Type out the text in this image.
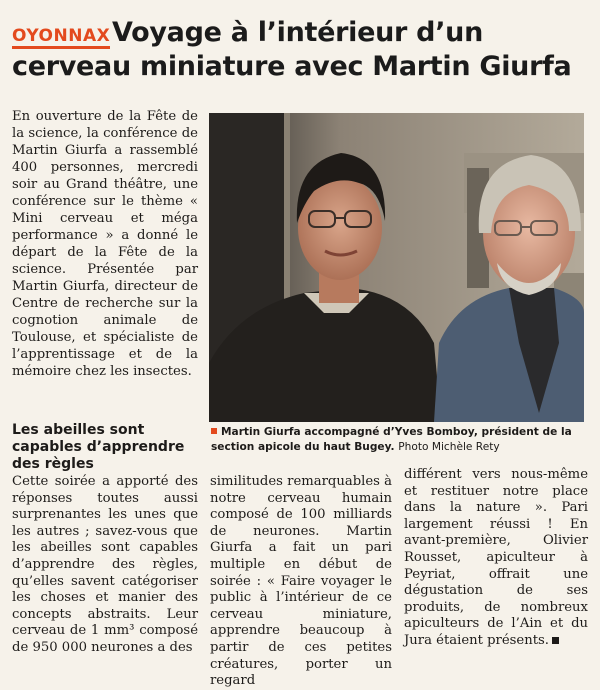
OYONNAX Voyage à l’intérieur d’un cerveau miniature avec Martin Giurfa

En ouverture de la Fête de la science, la conférence de Martin Giurfa a rassemblé 400 personnes, mercredi soir au Grand théâtre, une conférence sur le thème « Mini cerveau et méga performance » a donné le départ de la Fête de la science. Présentée par Martin Giurfa, directeur de Centre de recherche sur la cognotion animale de Toulouse, et spécialiste de l’apprentissage et de la mémoire chez les insectes.

Les abeilles sont capables d’apprendre des règles
Martin Giurfa accompagné d’Yves Bomboy, président de la section apicole du haut Bugey. Photo Michèle Rety

Cette soirée a apporté des réponses toutes aussi surprenantes les unes que les autres ; savez-vous que les abeilles sont capables d’apprendre des règles, qu’elles savent catégoriser les choses et manier des concepts abstraits. Leur cerveau de 1 mm³ composé de 950 000 neurones a des

similitudes remarquables à notre cerveau humain composé de 100 milliards de neurones. Martin Giurfa a fait un pari multiple en début de soirée : « Faire voyager le public à l’intérieur de ce cerveau miniature, apprendre beaucoup à partir de ces petites créatures, porter un regard

différent vers nous-même et restituer notre place dans la nature ». Pari largement réussi ! En avant-première, Olivier Rousset, apiculteur à Peyriat, offrait une dégustation de ses produits, de nombreux apiculteurs de l’Ain et du Jura étaient présents.
